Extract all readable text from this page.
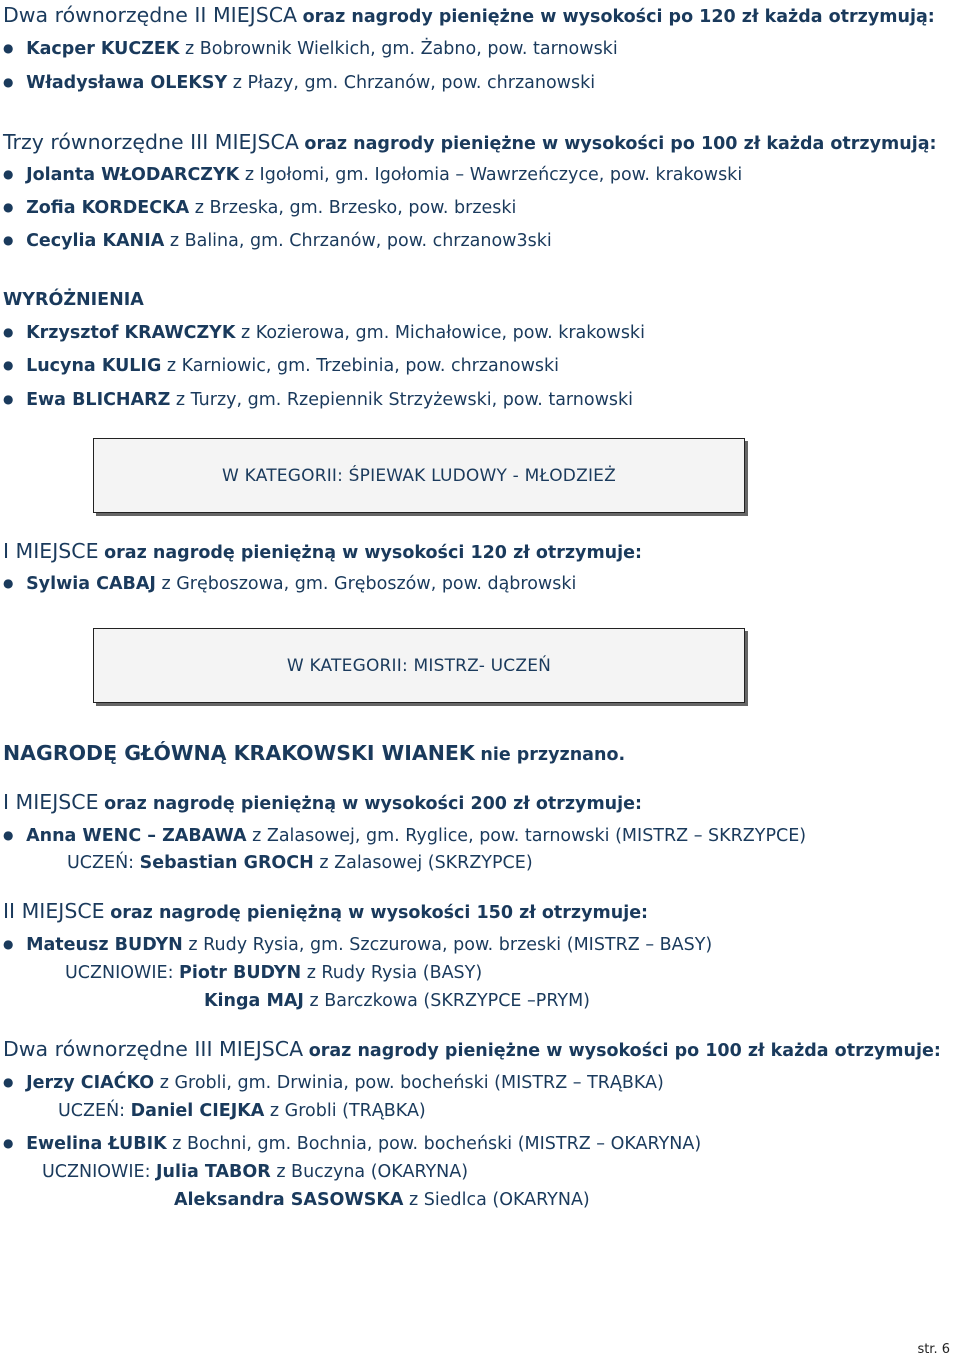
Dwa równorzędne II MIEJSCA oraz nagrody pieniężne w wysokości po 120 zł każda otrzymują:
● Kacper KUCZEK z Bobrownik Wielkich, gm. Żabno, pow. tarnowski
● Władysława OLEKSY z Płazy, gm. Chrzanów, pow. chrzanowski
Trzy równorzędne III MIEJSCA oraz nagrody pieniężne w wysokości po 100 zł każda otrzymują:
● Jolanta WŁODARCZYK z Igołomi, gm. Igołomia – Wawrzeńczyce, pow. krakowski
● Zofia KORDECKA z Brzeska, gm. Brzesko, pow. brzeski
● Cecylia KANIA z Balina, gm. Chrzanów, pow. chrzanow3ski
WYRÓŻNIENIA
● Krzysztof KRAWCZYK z Kozierowa, gm. Michałowice, pow. krakowski
● Lucyna KULIG z Karniowic, gm. Trzebinia, pow. chrzanowski
● Ewa BLICHARZ z Turzy, gm. Rzepiennik Strzyżewski, pow. tarnowski
W KATEGORII: ŚPIEWAK LUDOWY - MŁODZIEŻ
I MIEJSCE oraz nagrodę pieniężną w wysokości 120 zł otrzymuje:
● Sylwia CABAJ z Gręboszowa, gm. Gręboszów, pow. dąbrowski
W KATEGORII: MISTRZ- UCZEŃ
NAGRODĘ GŁÓWNĄ KRAKOWSKI WIANEK nie przyznano.
I MIEJSCE oraz nagrodę pieniężną w wysokości 200 zł otrzymuje:
● Anna WENC – ZABAWA z Zalasowej, gm. Ryglice, pow. tarnowski (MISTRZ – SKRZYPCE)
UCZEŃ: Sebastian GROCH z Zalasowej (SKRZYPCE)
II MIEJSCE oraz nagrodę pieniężną w wysokości 150 zł otrzymuje:
● Mateusz BUDYN z Rudy Rysia, gm. Szczurowa, pow. brzeski (MISTRZ – BASY)
UCZNIOWIE: Piotr BUDYN z Rudy Rysia (BASY)
Kinga MAJ z Barczkowa (SKRZYPCE –PRYM)
Dwa równorzędne III MIEJSCA oraz nagrody pieniężne w wysokości po 100 zł każda otrzymuje:
● Jerzy CIAĆKO z Grobli, gm. Drwinia, pow. bocheński (MISTRZ – TRĄBKA)
UCZEŃ: Daniel CIEJKA z Grobli (TRĄBKA)
● Ewelina ŁUBIK z Bochni, gm. Bochnia, pow. bocheński (MISTRZ – OKARYNA)
UCZNIOWIE: Julia TABOR z Buczyna (OKARYNA)
Aleksandra SASOWSKA z Siedlca (OKARYNA)
str. 6
